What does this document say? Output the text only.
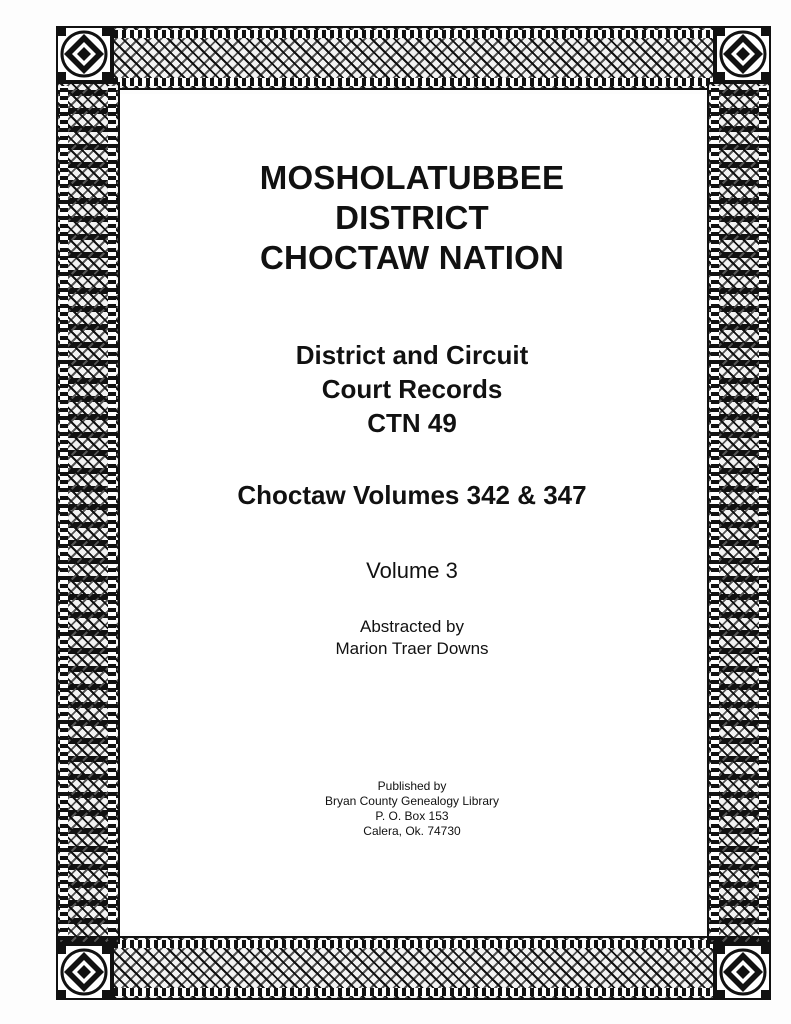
MOSHOLATUBBEE

DISTRICT

CHOCTAW NATION

District and Circuit

Court Records

CTN 49

Choctaw Volumes 342 & 347

Volume 3

Abstracted by

Marion Traer Downs

Published by

Bryan County Genealogy Library

P. O. Box 153

Calera, Ok. 74730
